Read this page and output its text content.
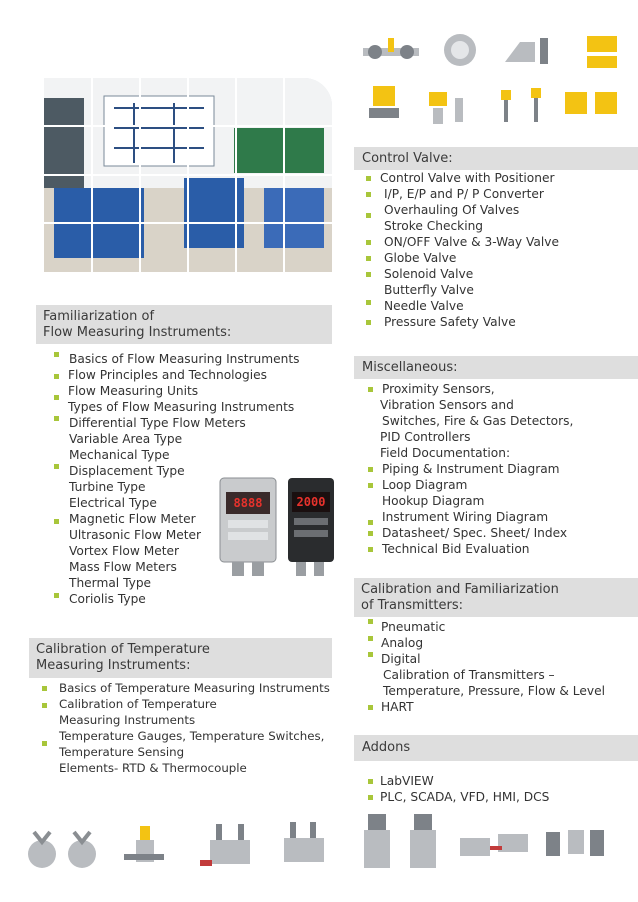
Control Valve:
Control Valve with Positioner
I/P, E/P and P/ P Converter
Overhauling Of Valves
Stroke Checking
ON/OFF Valve & 3-Way Valve
Globe Valve
Solenoid Valve
Butterfly Valve
Needle Valve
Pressure Safety Valve
Familiarization of
Flow Measuring Instruments:
Basics of Flow Measuring Instruments
Flow Principles and Technologies
Flow Measuring Units
Types of Flow Measuring Instruments
Differential Type Flow Meters
Variable Area Type
Mechanical Type
Displacement Type
Turbine Type
Electrical Type
Magnetic Flow Meter
Ultrasonic Flow Meter
Vortex Flow Meter
Mass Flow Meters
Thermal Type
Coriolis Type
8888	2000
Miscellaneous:
Proximity Sensors,
Vibration Sensors and
Switches, Fire & Gas Detectors,
PID Controllers
Field Documentation:
Piping & Instrument Diagram
Loop Diagram
Hookup Diagram
Instrument Wiring Diagram
Datasheet/ Spec. Sheet/ Index
Technical Bid Evaluation
Calibration and Familiarization
of Transmitters:
Pneumatic
Analog
Digital
Calibration of Transmitters –
Temperature, Pressure, Flow & Level
HART
Calibration of Temperature
Measuring Instruments:
Basics of Temperature Measuring Instruments
Calibration of Temperature
Measuring Instruments
Temperature Gauges, Temperature Switches,
Temperature Sensing
Elements- RTD & Thermocouple
Addons
LabVIEW
PLC, SCADA, VFD, HMI, DCS
